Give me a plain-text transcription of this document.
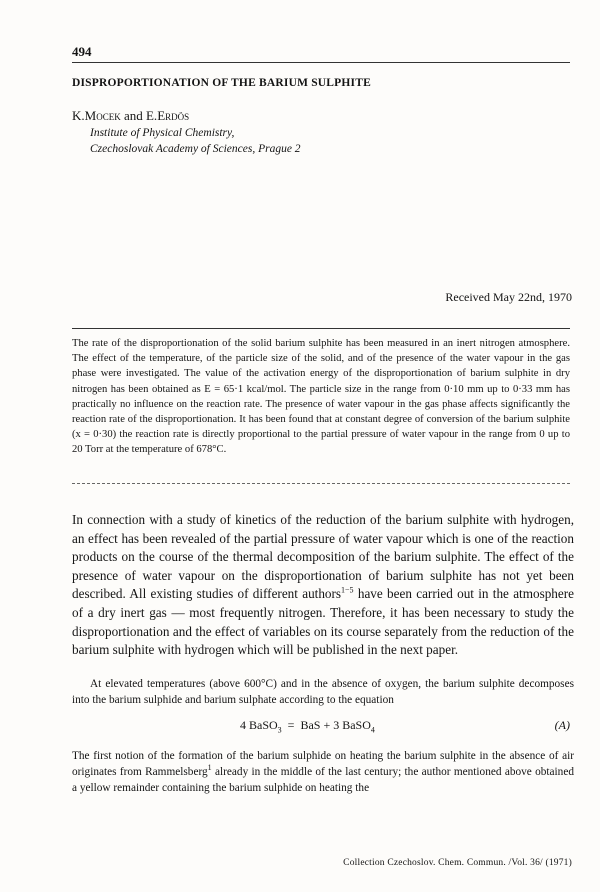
494
DISPROPORTIONATION OF THE BARIUM SULPHITE
K.Mocek and E.Erdös
Institute of Physical Chemistry,
Czechoslovak Academy of Sciences, Prague 2
Received May 22nd, 1970

The rate of the disproportionation of the solid barium sulphite has been measured in an inert nitrogen atmosphere. The effect of the temperature, of the particle size of the solid, and of the presence of the water vapour in the gas phase were investigated. The value of the activation energy of the disproportionation of barium sulphite in dry nitrogen has been obtained as E = 65·1 kcal/mol. The particle size in the range from 0·10 mm up to 0·33 mm has practically no influence on the reaction rate. The presence of water vapour in the gas phase affects significantly the reaction rate of the disproportionation. It has been found that at constant degree of conversion of the barium sulphite (x = 0·30) the reaction rate is directly proportional to the partial pressure of water vapour in the range from 0 up to 20 Torr at the temperature of 678°C.

In connection with a study of kinetics of the reduction of the barium sulphite with hydrogen, an effect has been revealed of the partial pressure of water vapour which is one of the reaction products on the course of the thermal decomposition of the barium sulphite. The effect of the presence of water vapour on the disproportionation of barium sulphite has not yet been described. All existing studies of different authors$^{1-5}$ have been carried out in the atmosphere of a dry inert gas — most frequently nitrogen. Therefore, it has been necessary to study the disproportionation and the effect of variables on its course separately from the reduction of the barium sulphite with hydrogen which will be published in the next paper.

At elevated temperatures (above 600°C) and in the absence of oxygen, the barium sulphite decomposes into the barium sulphide and barium sulphate according to the equation

4 BaSO$_3$  =  BaS + 3 BaSO$_4$	(A)

The first notion of the formation of the barium sulphide on heating the barium sulphite in the absence of air originates from Rammelsberg$^1$ already in the middle of the last century; the author mentioned above obtained a yellow remainder containing the barium sulphide on heating the

Collection Czechoslov. Chem. Commun. /Vol. 36/ (1971)
